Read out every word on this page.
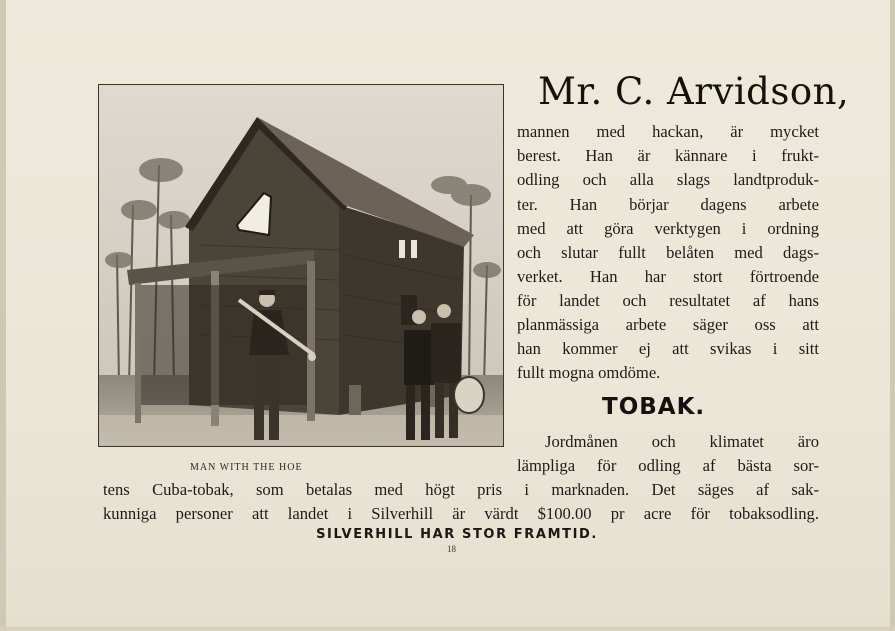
MAN WITH THE HOE
Mr. C. Arvidson,
mannen med hackan, är mycket
berest. Han är kännare i frukt-
odling och alla slags landtproduk-
ter. Han börjar dagens arbete
med att göra verktygen i ordning
och slutar fullt belåten med dags-
verket. Han har stort förtroende
för landet och resultatet af hans
planmässiga arbete säger oss att
han kommer ej att svikas i sitt
fullt mogna omdöme.
TOBAK.
Jordmånen och klimatet äro
lämpliga för odling af bästa sor-
tens Cuba-tobak, som betalas med högt pris i marknaden. Det säges af sak-
kunniga personer att landet i Silverhill är värdt $100.00 pr acre för tobaksodling.
SILVERHILL HAR STOR FRAMTID.
18
